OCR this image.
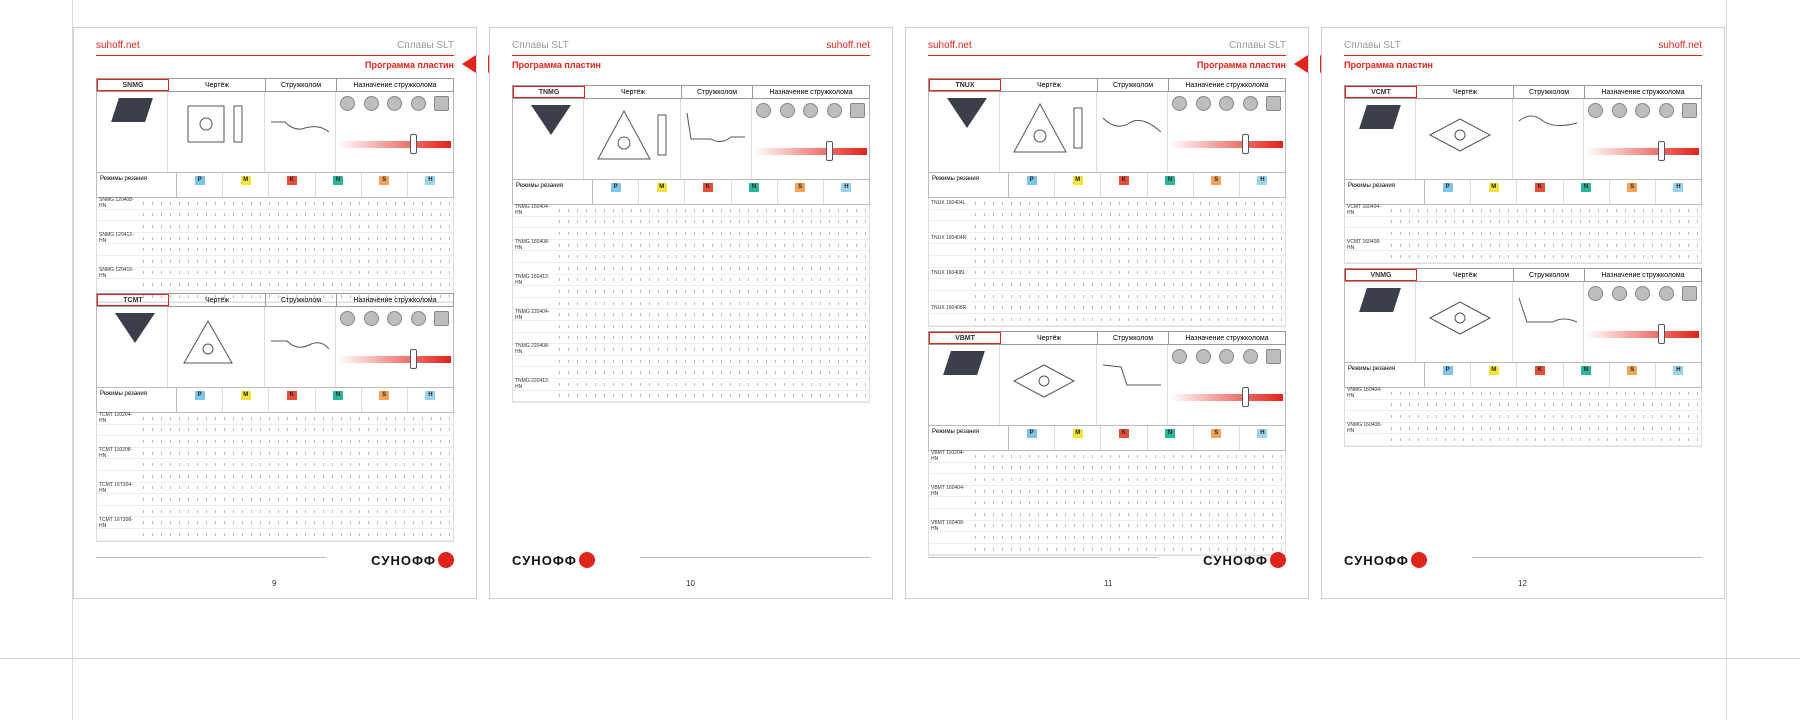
suhoff.net	Сплавы SLT
Программа пластин
SNMG	Чертёж	Стружколом	Назначение стружколома
Режимы резания	P	M	K	N	S	H
SNMG 120408-HN
SNMG 120412-HN
SNMG 120416-HN
TCMT	Чертёж	Стружколом	Назначение стружколома
Режимы резания	P	M	K	N	S	H
TCMT 110204-HN
TCMT 110208-HN
TCMT 16T304-HN
TCMT 16T308-HN
СУНОФФ
9
Сплавы SLT	suhoff.net
Программа пластин
TNMG	Чертёж	Стружколом	Назначение стружколома
Режимы резания	P	M	K	N	S	H
TNMG 160404-HN
TNMG 160408-HN
TNMG 160412-HN
TNMG 220404-HN
TNMG 220408-HN
TNMG 220412-HN
СУНОФФ
10
suhoff.net	Сплавы SLT
Программа пластин
TNUX	Чертёж	Стружколом	Назначение стружколома
Режимы резания	P	M	K	N	S	H
TNUX 160404L
TNUX 160404R
TNUX 160408L
TNUX 160408R
VBMT	Чертёж	Стружколом	Назначение стружколома
Режимы резания	P	M	K	N	S	H
VBMT 110204-HN
VBMT 160404-HN
VBMT 160408-HN
СУНОФФ
11
Сплавы SLT	suhoff.net
Программа пластин
VCMT	Чертёж	Стружколом	Назначение стружколома
Режимы резания	P	M	K	N	S	H
VCMT 160404-HN
VCMT 160408-HN
VNMG	Чертёж	Стружколом	Назначение стружколома
Режимы резания	P	M	K	N	S	H
VNMG 160404-HN
VNMG 160408-HN
СУНОФФ
12
